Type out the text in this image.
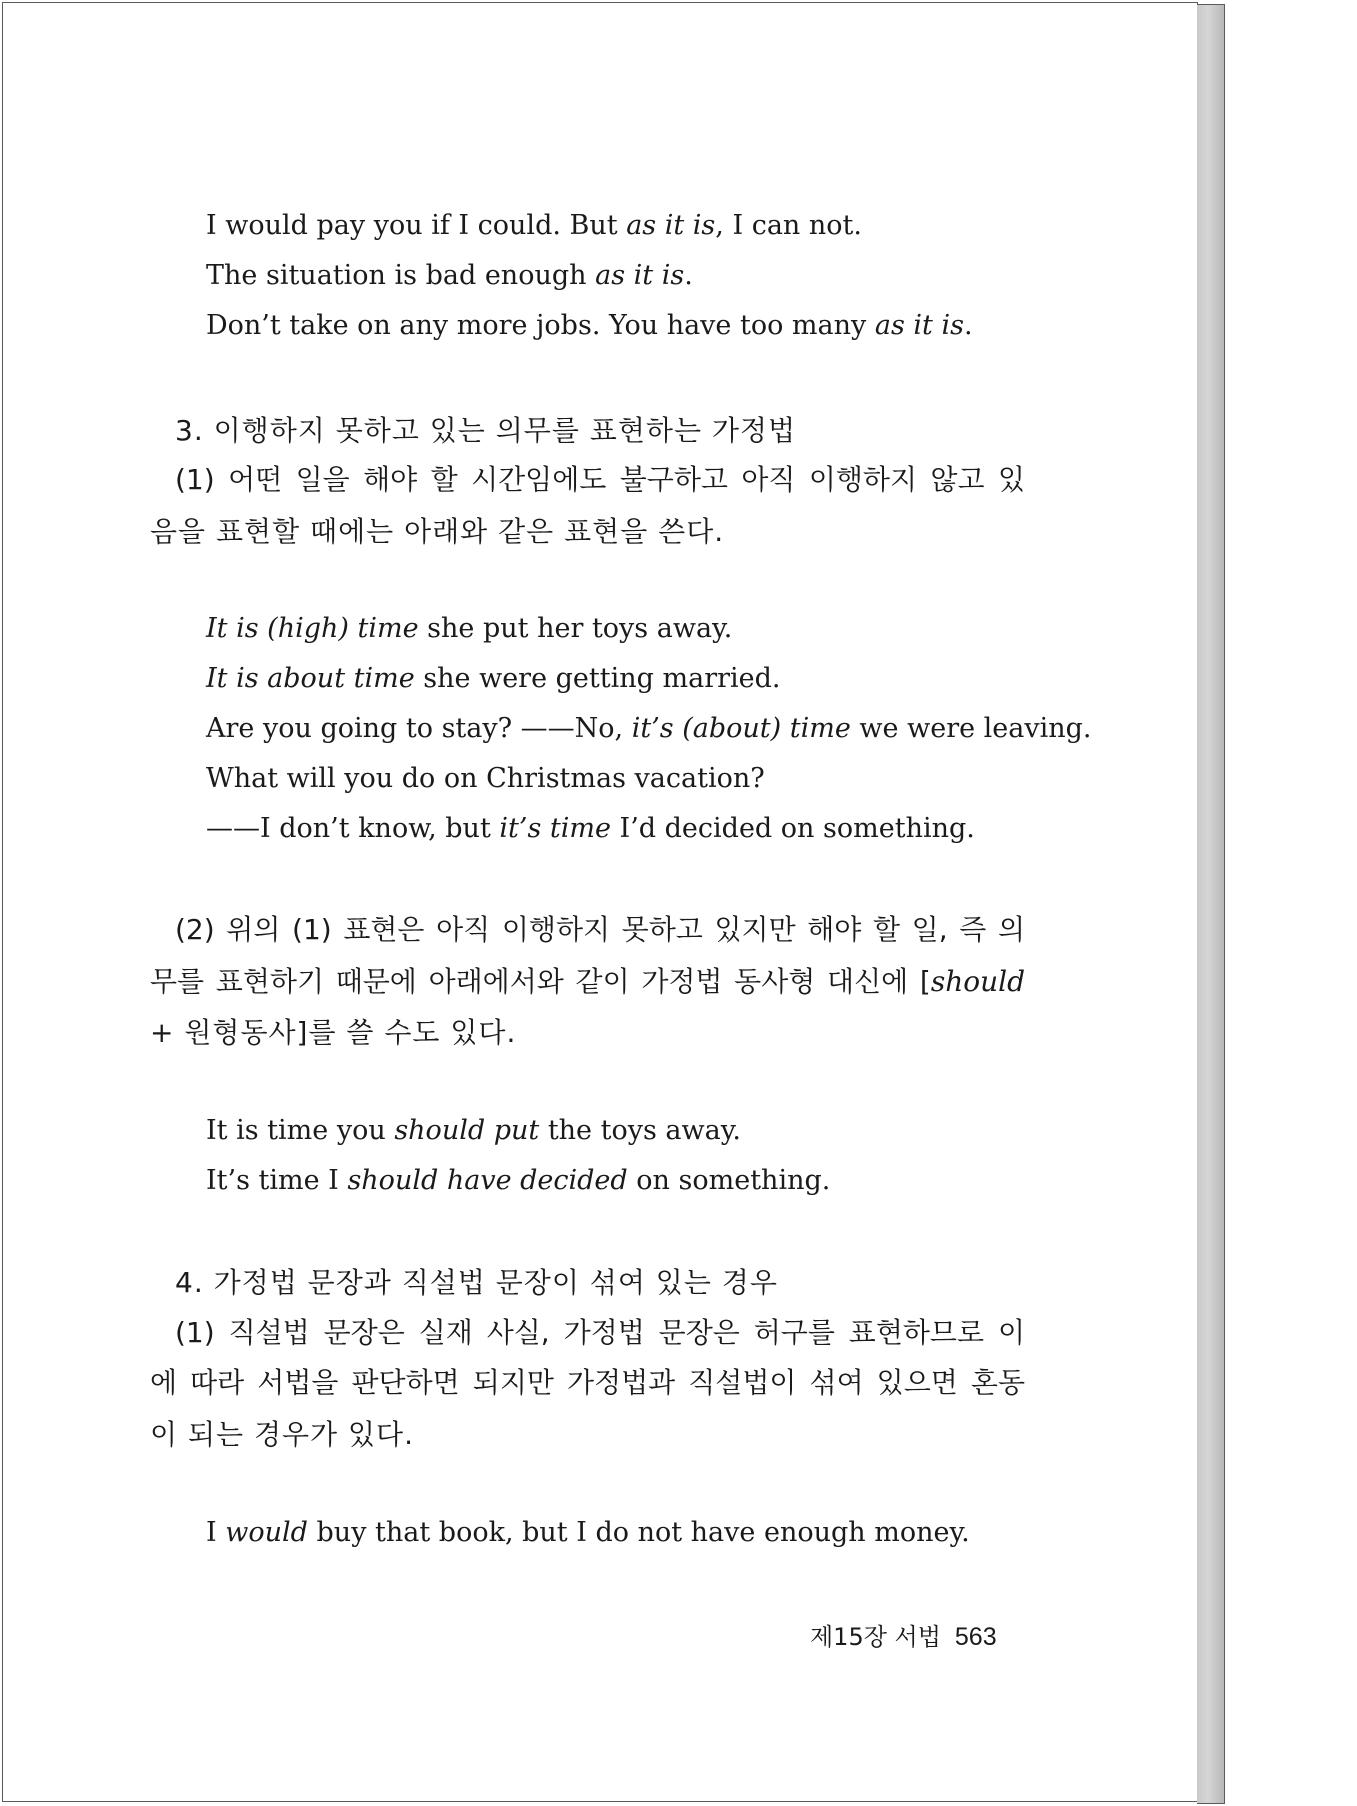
I would pay you if I could. But as it is, I can not.
The situation is bad enough as it is.
Don’t take on any more jobs. You have too many as it is.
3. 이행하지 못하고 있는 의무를 표현하는 가정법
(1) 어떤 일을 해야 할 시간임에도 불구하고 아직 이행하지 않고 있
음을 표현할 때에는 아래와 같은 표현을 쓴다.
It is (high) time she put her toys away.
It is about time she were getting married.
Are you going to stay? ——No, it’s (about) time we were leaving.
What will you do on Christmas vacation?
——I don’t know, but it’s time I’d decided on something.
(2) 위의 (1) 표현은 아직 이행하지 못하고 있지만 해야 할 일, 즉 의
무를 표현하기 때문에 아래에서와 같이 가정법 동사형 대신에 [should
+ 원형동사]를 쓸 수도 있다.
It is time you should put the toys away.
It’s time I should have decided on something.
4. 가정법 문장과 직설법 문장이 섞여 있는 경우
(1) 직설법 문장은 실재 사실, 가정법 문장은 허구를 표현하므로 이
에 따라 서법을 판단하면 되지만 가정법과 직설법이 섞여 있으면 혼동
이 되는 경우가 있다.
I would buy that book, but I do not have enough money.
제15장 서법 563
